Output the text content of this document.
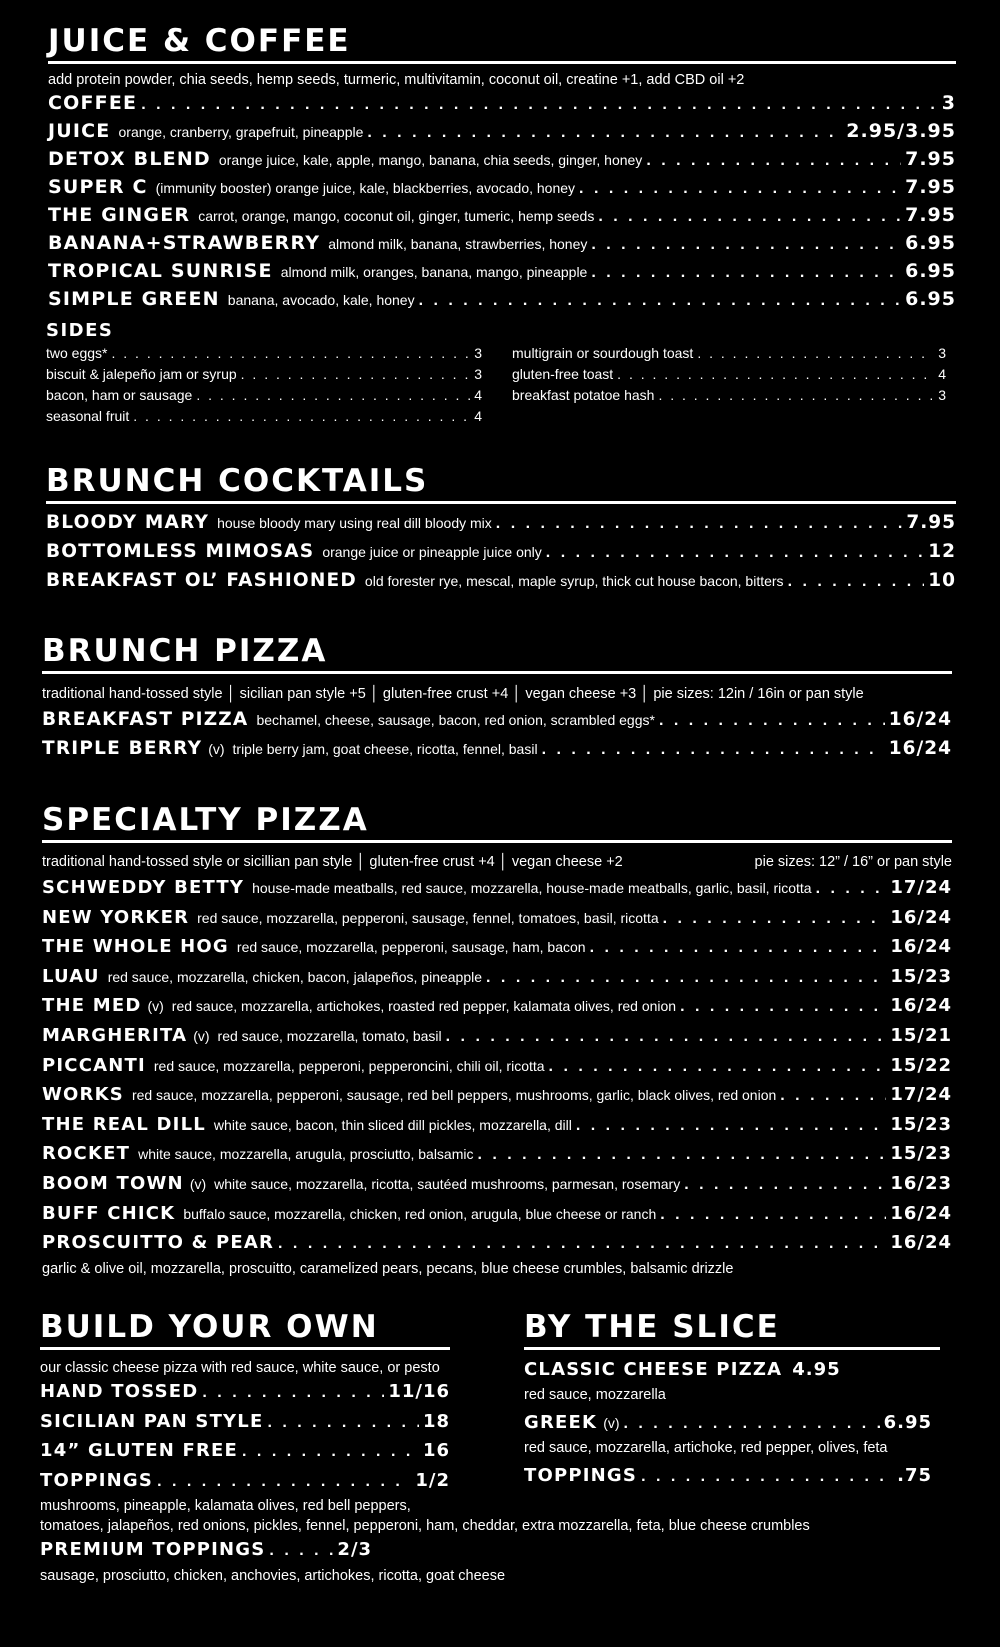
JUICE & COFFEE
add protein powder, chia seeds, hemp seeds, turmeric, multivitamin, coconut oil, creatine +1, add CBD oil +2
COFFEE . . .	3
JUICE orange, cranberry, grapefruit, pineapple . . .	2.95/3.95
DETOX BLEND orange juice, kale, apple, mango, banana, chia seeds, ginger, honey . . .	7.95
SUPER C (immunity booster) orange juice, kale, blackberries, avocado, honey . . .	7.95
THE GINGER carrot, orange, mango, coconut oil, ginger, tumeric, hemp seeds . . .	7.95
BANANA+STRAWBERRY almond milk, banana, strawberries, honey . . .	6.95
TROPICAL SUNRISE almond milk, oranges, banana, mango, pineapple . . .	6.95
SIMPLE GREEN banana, avocado, kale, honey . . .	6.95
SIDES
two eggs* . . .	3
biscuit & jalepeño jam or syrup . . .	3
bacon, ham or sausage . . .	4
seasonal fruit . . .	4
multigrain or sourdough toast . . .	3
gluten-free toast . . .	4
breakfast potatoe hash . . .	3
BRUNCH COCKTAILS
BLOODY MARY house bloody mary using real dill bloody mix . . .	7.95
BOTTOMLESS MIMOSAS orange juice or pineapple juice only . . .	12
BREAKFAST OL’ FASHIONED old forester rye, mescal, maple syrup, thick cut house bacon, bitters . . .	10
BRUNCH PIZZA
traditional hand-tossed style │ sicilian pan style +5 │ gluten-free crust +4 │ vegan cheese +3 │ pie sizes: 12in / 16in or pan style
BREAKFAST PIZZA bechamel, cheese, sausage, bacon, red onion, scrambled eggs* . . .	16/24
TRIPLE BERRY (v) triple berry jam, goat cheese, ricotta, fennel, basil . . .	16/24
SPECIALTY PIZZA
traditional hand-tossed style or sicillian pan style │ gluten-free crust +4 │ vegan cheese +2	pie sizes: 12” / 16” or pan style
SCHWEDDY BETTY house-made meatballs, red sauce, mozzarella, house-made meatballs, garlic, basil, ricotta . . .	17/24
NEW YORKER red sauce, mozzarella, pepperoni, sausage, fennel, tomatoes, basil, ricotta . . .	16/24
THE WHOLE HOG red sauce, mozzarella, pepperoni, sausage, ham, bacon . . .	16/24
LUAU red sauce, mozzarella, chicken, bacon, jalapeños, pineapple . . .	15/23
THE MED (v) red sauce, mozzarella, artichokes, roasted red pepper, kalamata olives, red onion . . .	16/24
MARGHERITA (v) red sauce, mozzarella, tomato, basil . . .	15/21
PICCANTI red sauce, mozzarella, pepperoni, pepperoncini, chili oil, ricotta . . .	15/22
WORKS red sauce, mozzarella, pepperoni, sausage, red bell peppers, mushrooms, garlic, black olives, red onion . . .	17/24
THE REAL DILL white sauce, bacon, thin sliced dill pickles, mozzarella, dill . . .	15/23
ROCKET white sauce, mozzarella, arugula, prosciutto, balsamic . . .	15/23
BOOM TOWN (v) white sauce, mozzarella, ricotta, sautéed mushrooms, parmesan, rosemary . . .	16/23
BUFF CHICK buffalo sauce, mozzarella, chicken, red onion, arugula, blue cheese or ranch . . .	16/24
PROSCUITTO & PEAR . . .	16/24
garlic & olive oil, mozzarella, proscuitto, caramelized pears, pecans, blue cheese crumbles, balsamic drizzle
BUILD YOUR OWN
our classic cheese pizza with red sauce, white sauce, or pesto
HAND TOSSED . . .	11/16
SICILIAN PAN STYLE . . .	18
14” GLUTEN FREE . . .	16
TOPPINGS . . .	1/2
mushrooms, pineapple, kalamata olives, red bell peppers,
tomatoes, jalapeños, red onions, pickles, fennel, pepperoni, ham, cheddar, extra mozzarella, feta, blue cheese crumbles
PREMIUM TOPPINGS . . .	2/3
sausage, prosciutto, chicken, anchovies, artichokes, ricotta, goat cheese
BY THE SLICE
CLASSIC CHEESE PIZZA 4.95
red sauce, mozzarella
GREEK (v) . . .	6.95
red sauce, mozzarella, artichoke, red pepper, olives, feta
TOPPINGS . . .	.75
